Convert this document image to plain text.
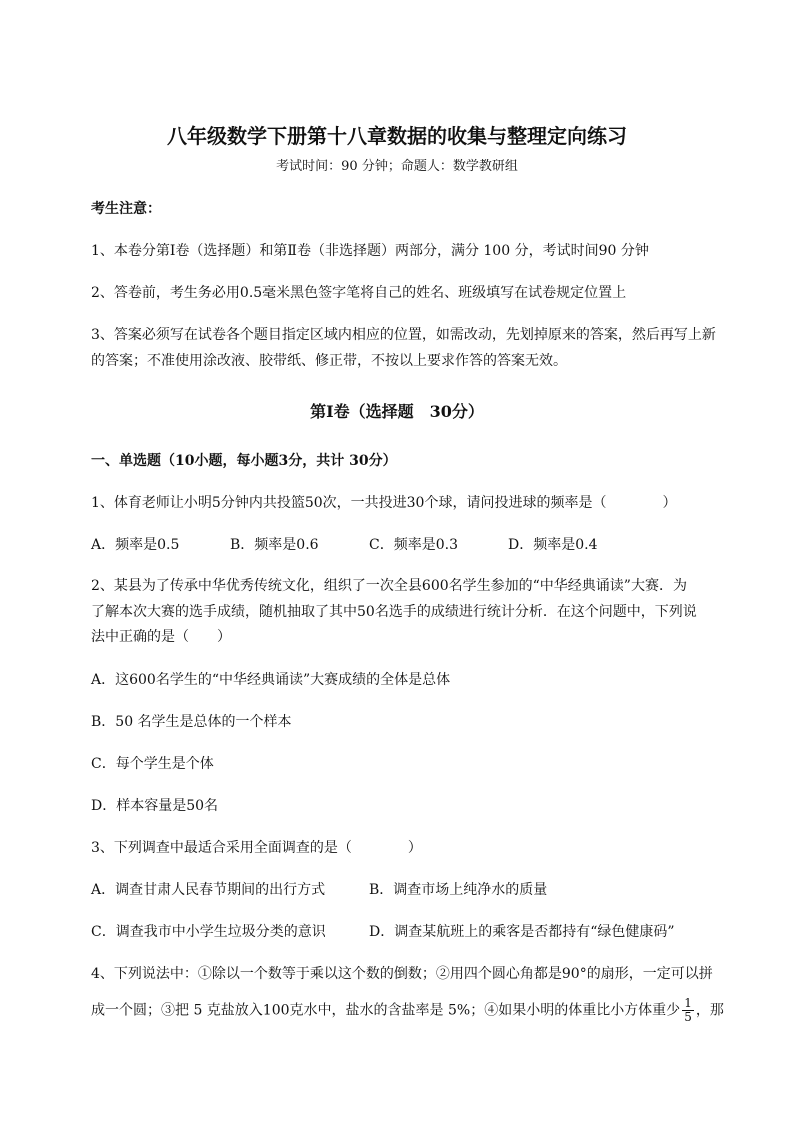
八年级数学下册第十八章数据的收集与整理定向练习
考试时间：90 分钟；命题人：数学教研组
考生注意：
1、本卷分第Ⅰ卷（选择题）和第Ⅱ卷（非选择题）两部分，满分 100 分，考试时间90 分钟
2、答卷前，考生务必用0.5毫米黑色签字笔将自己的姓名、班级填写在试卷规定位置上
3、答案必须写在试卷各个题目指定区域内相应的位置，如需改动，先划掉原来的答案，然后再写上新
的答案；不准使用涂改液、胶带纸、修正带，不按以上要求作答的答案无效。
第Ⅰ卷（选择题　30分）
一、单选题（10小题，每小题3分，共计 30分）
1、体育老师让小明5分钟内共投篮50次，一共投进30个球，请问投进球的频率是（　　　　）
A．频率是0.5	B．频率是0.6	C．频率是0.3	D．频率是0.4
2、某县为了传承中华优秀传统文化，组织了一次全县600名学生参加的“中华经典诵读”大赛．为
了解本次大赛的选手成绩，随机抽取了其中50名选手的成绩进行统计分析．在这个问题中，下列说
法中正确的是（　　）
A．这600名学生的“中华经典诵读”大赛成绩的全体是总体
B．50 名学生是总体的一个样本
C．每个学生是个体
D．样本容量是50名
3、下列调查中最适合采用全面调查的是（　　　　）
A．调查甘肃人民春节期间的出行方式	B．调查市场上纯净水的质量
C．调查我市中小学生垃圾分类的意识	D．调查某航班上的乘客是否都持有“绿色健康码”
4、下列说法中：①除以一个数等于乘以这个数的倒数；②用四个圆心角都是90°的扇形，一定可以拼
成一个圆；③把 5 克盐放入100克水中，盐水的含盐率是 5%；④如果小明的体重比小方体重少 $\frac{1}{5}$ ，那
